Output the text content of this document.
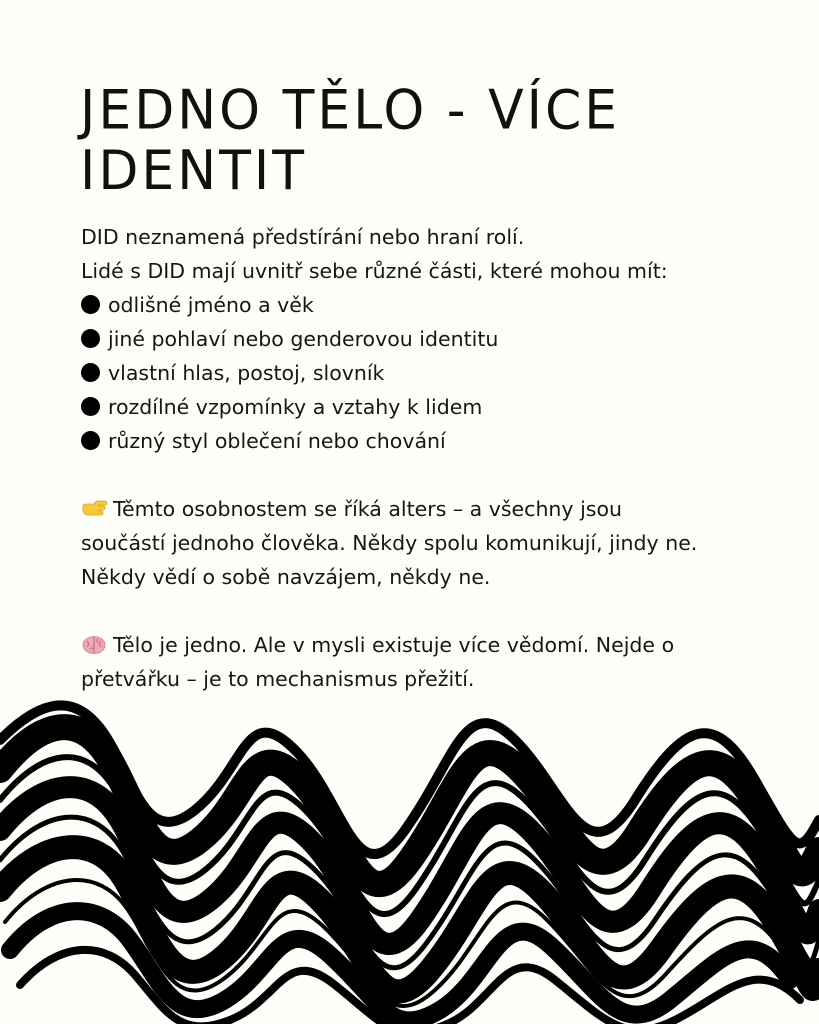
JEDNO TĚLO - VÍCE
IDENTIT
DID neznamená předstírání nebo hraní rolí.
Lidé s DID mají uvnitř sebe různé části, které mohou mít:
odlišné jméno a věk
jiné pohlaví nebo genderovou identitu
vlastní hlas, postoj, slovník
rozdílné vzpomínky a vztahy k lidem
různý styl oblečení nebo chování
Těmto osobnostem se říká alters – a všechny jsou
součástí jednoho člověka. Někdy spolu komunikují, jindy ne.
Někdy vědí o sobě navzájem, někdy ne.
Tělo je jedno. Ale v mysli existuje více vědomí. Nejde o
přetvářku – je to mechanismus přežití.
